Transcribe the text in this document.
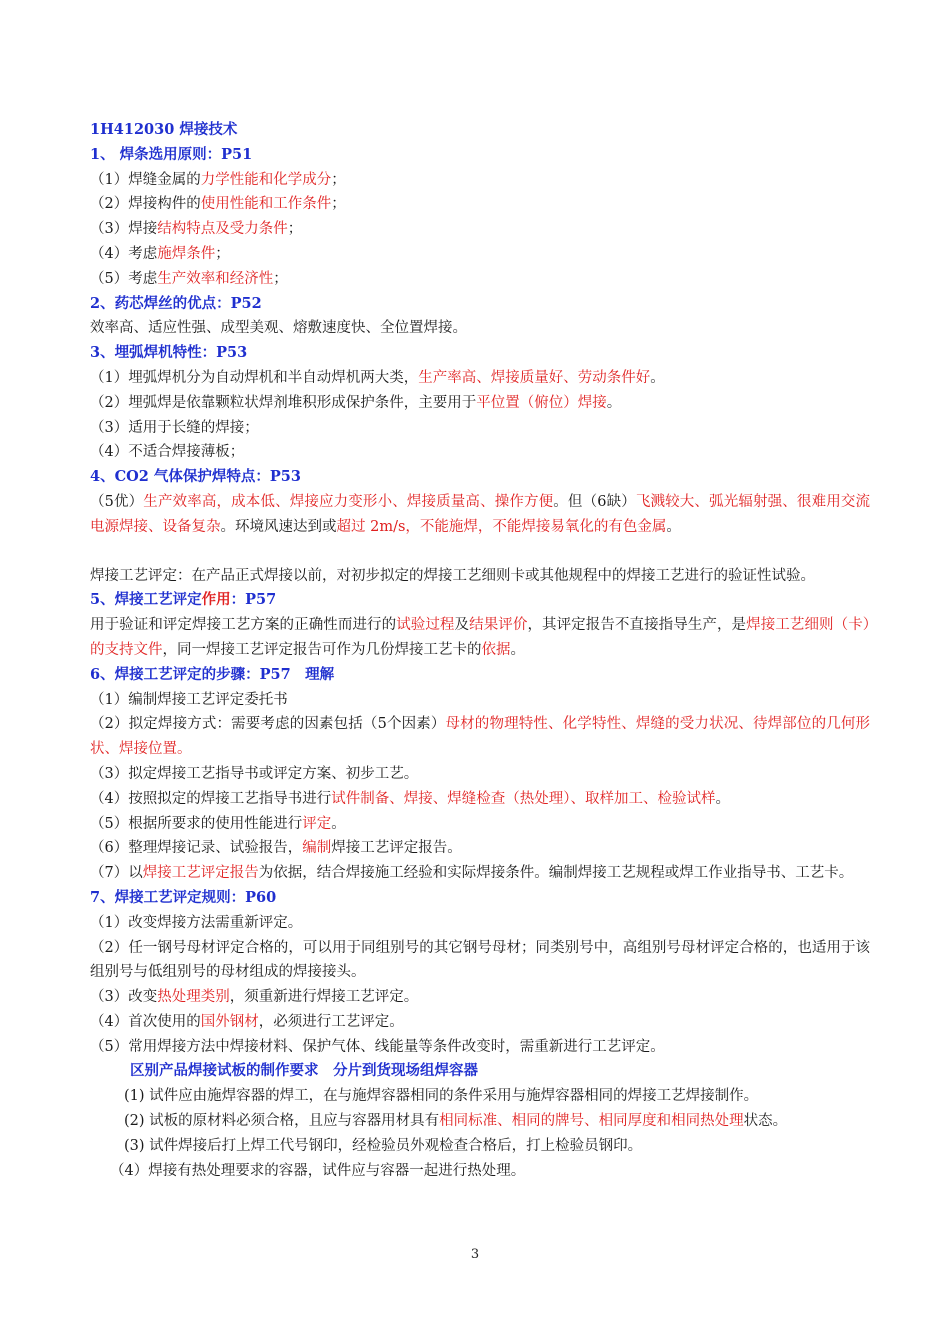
1H412030 焊接技术
1、 焊条选用原则：P51
（1）焊缝金属的力学性能和化学成分；
（2）焊接构件的使用性能和工作条件；
（3）焊接结构特点及受力条件；
（4）考虑施焊条件；
（5）考虑生产效率和经济性；
2、药芯焊丝的优点：P52
效率高、适应性强、成型美观、熔敷速度快、全位置焊接。
3、埋弧焊机特性：P53
（1）埋弧焊机分为自动焊机和半自动焊机两大类，生产率高、焊接质量好、劳动条件好。
（2）埋弧焊是依靠颗粒状焊剂堆积形成保护条件，主要用于平位置（俯位）焊接。
（3）适用于长缝的焊接；
（4）不适合焊接薄板；
4、CO2 气体保护焊特点：P53
（5优）生产效率高，成本低、焊接应力变形小、焊接质量高、操作方便。但（6缺）飞溅较大、弧光辐射强、很难用交流电源焊接、设备复杂。环境风速达到或超过 2m/s，不能施焊，不能焊接易氧化的有色金属。
焊接工艺评定：在产品正式焊接以前，对初步拟定的焊接工艺细则卡或其他规程中的焊接工艺进行的验证性试验。
5、焊接工艺评定作用：P57
用于验证和评定焊接工艺方案的正确性而进行的试验过程及结果评价，其评定报告不直接指导生产，是焊接工艺细则（卡）的支持文件，同一焊接工艺评定报告可作为几份焊接工艺卡的依据。
6、焊接工艺评定的步骤：P57　理解
（1）编制焊接工艺评定委托书
（2）拟定焊接方式：需要考虑的因素包括（5个因素）母材的物理特性、化学特性、焊缝的受力状况、待焊部位的几何形状、焊接位置。
（3）拟定焊接工艺指导书或评定方案、初步工艺。
（4）按照拟定的焊接工艺指导书进行试件制备、焊接、焊缝检查（热处理）、取样加工、检验试样。
（5）根据所要求的使用性能进行评定。
（6）整理焊接记录、试验报告，编制焊接工艺评定报告。
（7）以焊接工艺评定报告为依据，结合焊接施工经验和实际焊接条件。编制焊接工艺规程或焊工作业指导书、工艺卡。
7、焊接工艺评定规则：P60
（1）改变焊接方法需重新评定。
（2）任一钢号母材评定合格的，可以用于同组别号的其它钢号母材；同类别号中，高组别号母材评定合格的，也适用于该组别号与低组别号的母材组成的焊接接头。
（3）改变热处理类别，须重新进行焊接工艺评定。
（4）首次使用的国外钢材，必须进行工艺评定。
（5）常用焊接方法中焊接材料、保护气体、线能量等条件改变时，需重新进行工艺评定。
区别产品焊接试板的制作要求　分片到货现场组焊容器
(1) 试件应由施焊容器的焊工，在与施焊容器相同的条件采用与施焊容器相同的焊接工艺焊接制作。
(2) 试板的原材料必须合格，且应与容器用材具有相同标准、相同的牌号、相同厚度和相同热处理状态。
(3) 试件焊接后打上焊工代号钢印，经检验员外观检查合格后，打上检验员钢印。
（4）焊接有热处理要求的容器，试件应与容器一起进行热处理。
3
